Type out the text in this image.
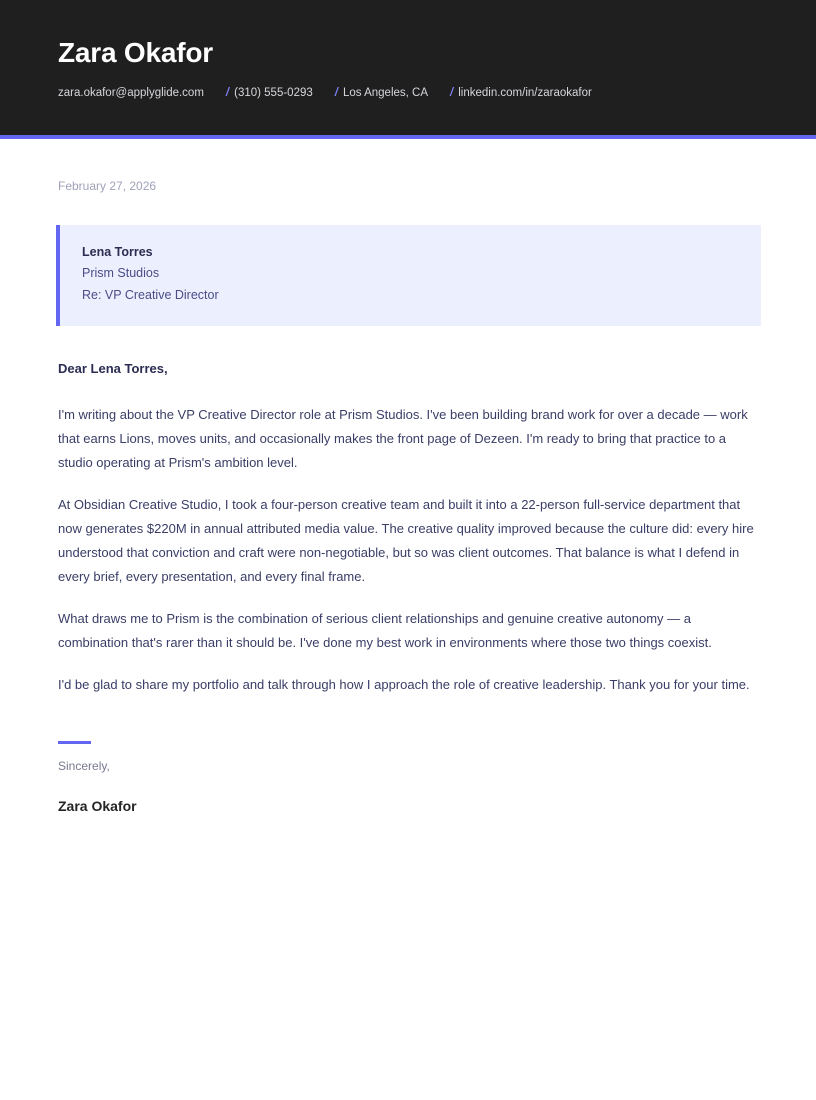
Zara Okafor
zara.okafor@applyglide.com	/ (310) 555-0293	/ Los Angeles, CA	/ linkedin.com/in/zaraokafor
February 27, 2026
Lena Torres
Prism Studios
Re: VP Creative Director
Dear Lena Torres,

I'm writing about the VP Creative Director role at Prism Studios. I've been building brand work for over a decade — work that earns Lions, moves units, and occasionally makes the front page of Dezeen. I'm ready to bring that practice to a studio operating at Prism's ambition level.

At Obsidian Creative Studio, I took a four-person creative team and built it into a 22-person full-service department that now generates $220M in annual attributed media value. The creative quality improved because the culture did: every hire understood that conviction and craft were non-negotiable, but so was client outcomes. That balance is what I defend in every brief, every presentation, and every final frame.

What draws me to Prism is the combination of serious client relationships and genuine creative autonomy — a combination that's rarer than it should be. I've done my best work in environments where those two things coexist.

I'd be glad to share my portfolio and talk through how I approach the role of creative leadership. Thank you for your time.

Sincerely,
Zara Okafor
